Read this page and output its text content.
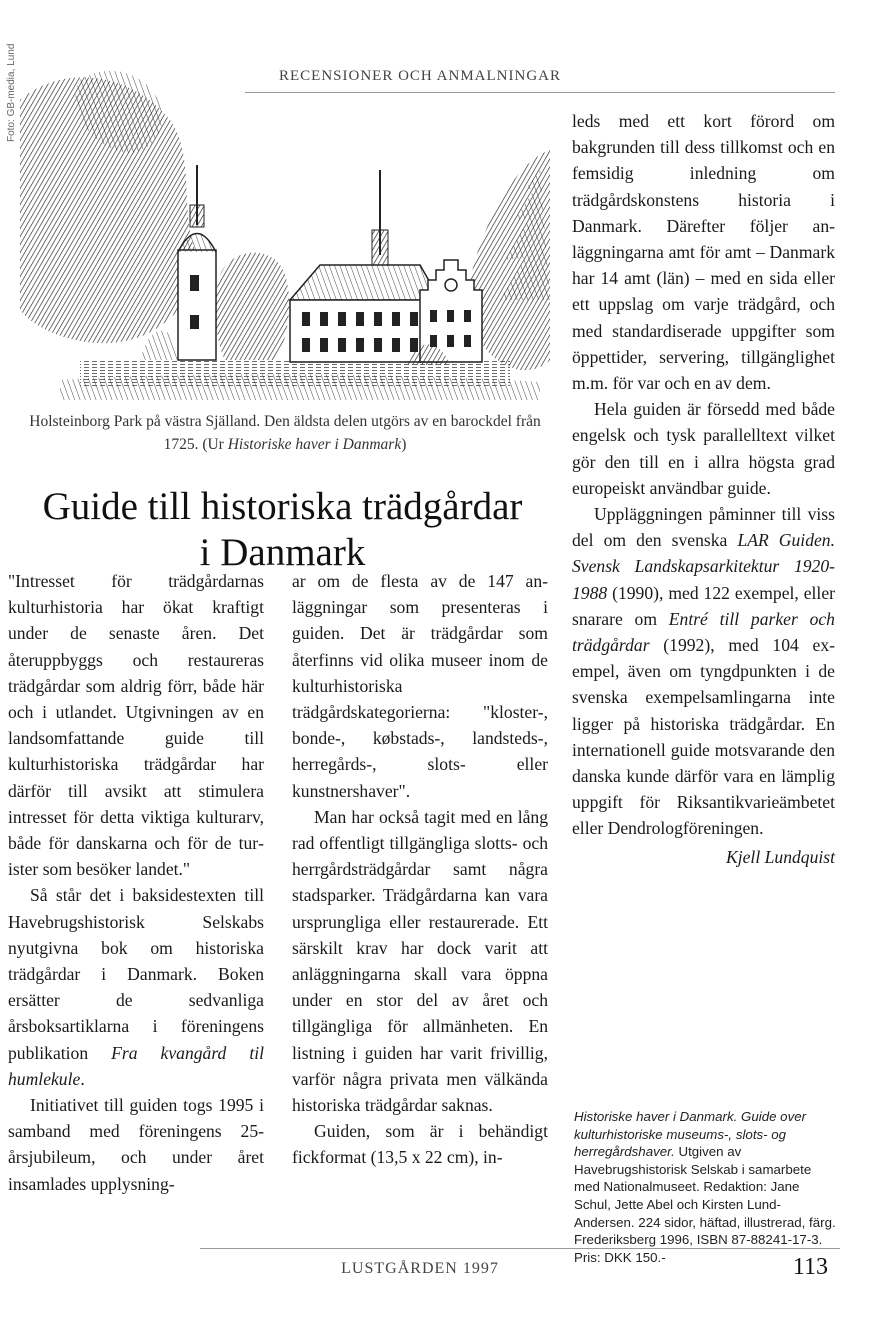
RECENSIONER OCH ANMALNINGAR
Foto: GB-media, Lund
Holsteinborg Park på västra Själland. Den äldsta delen utgörs av en barockdel från 1725. (Ur Historiske haver i Danmark)
Guide till historiska trädgårdar
i Danmark

"Intresset för trädgårdarnas kulturhistoria har ökat kraftigt under de senaste åren. Det återuppbyggs och restaureras trädgårdar som aldrig förr, både här och i utlandet. Utgivningen av en landsomfattande guide till kulturhistoriska trädgårdar har därför till avsikt att stimulera intresset för detta viktiga kulturarv, både för danskarna och för de turister som besöker landet."

Så står det i baksidestexten till Havebrugshistorisk Selskabs nyutgivna bok om historiska trädgårdar i Danmark. Boken ersätter de sedvanliga årsboksartiklarna i föreningens publikation Fra kvangård til humlekule.

Initiativet till guiden togs 1995 i samband med föreningens 25-årsjubileum, och under året insamlades upplysning-

ar om de flesta av de 147 anläggningar som presenteras i guiden. Det är trädgårdar som återfinns vid olika museer inom de kulturhistoriska trädgårdskategorierna: "kloster-, bonde-, købstads-, landsteds-, herregårds-, slots- eller kunstnershaver".

Man har också tagit med en lång rad offentligt tillgängliga slotts- och herrgårdsträdgårdar samt några stadsparker. Trädgårdarna kan vara ursprungliga eller restaurerade. Ett särskilt krav har dock varit att anläggningarna skall vara öppna under en stor del av året och tillgängliga för allmänheten. En listning i guiden har varit frivillig, varför några privata men välkända historiska trädgårdar saknas.

Guiden, som är i behändigt fickformat (13,5 x 22 cm), in-

leds med ett kort förord om bakgrunden till dess tillkomst och en femsidig inledning om trädgårdskonstens historia i Danmark. Därefter följer anläggningarna amt för amt – Danmark har 14 amt (län) – med en sida eller ett uppslag om varje trädgård, och med standardiserade uppgifter som öppettider, servering, tillgänglighet m.m. för var och en av dem.

Hela guiden är försedd med både engelsk och tysk parallelltext vilket gör den till en i allra högsta grad europeiskt användbar guide.

Uppläggningen påminner till viss del om den svenska LAR Guiden. Svensk Landskapsarkitektur 1920-1988 (1990), med 122 exempel, eller snarare om Entré till parker och trädgårdar (1992), med 104 exempel, även om tyngdpunkten i de svenska exempelsamlingarna inte ligger på historiska trädgårdar. En internationell guide motsvarande den danska kunde därför vara en lämplig uppgift för Riksantikvarieämbetet eller Dendrologföreningen.

Kjell Lundquist

Historiske haver i Danmark. Guide over kulturhistoriske museums-, slots- og herregårdshaver. Utgiven av Havebrugshistorisk Selskab i samarbete med Nationalmuseet. Redaktion: Jane Schul, Jette Abel och Kirsten Lund-Andersen. 224 sidor, häftad, illustrerad, färg. Frederiksberg 1996, ISBN 87-88241-17-3. Pris: DKK 150.-
LUSTGÅRDEN 1997	113
